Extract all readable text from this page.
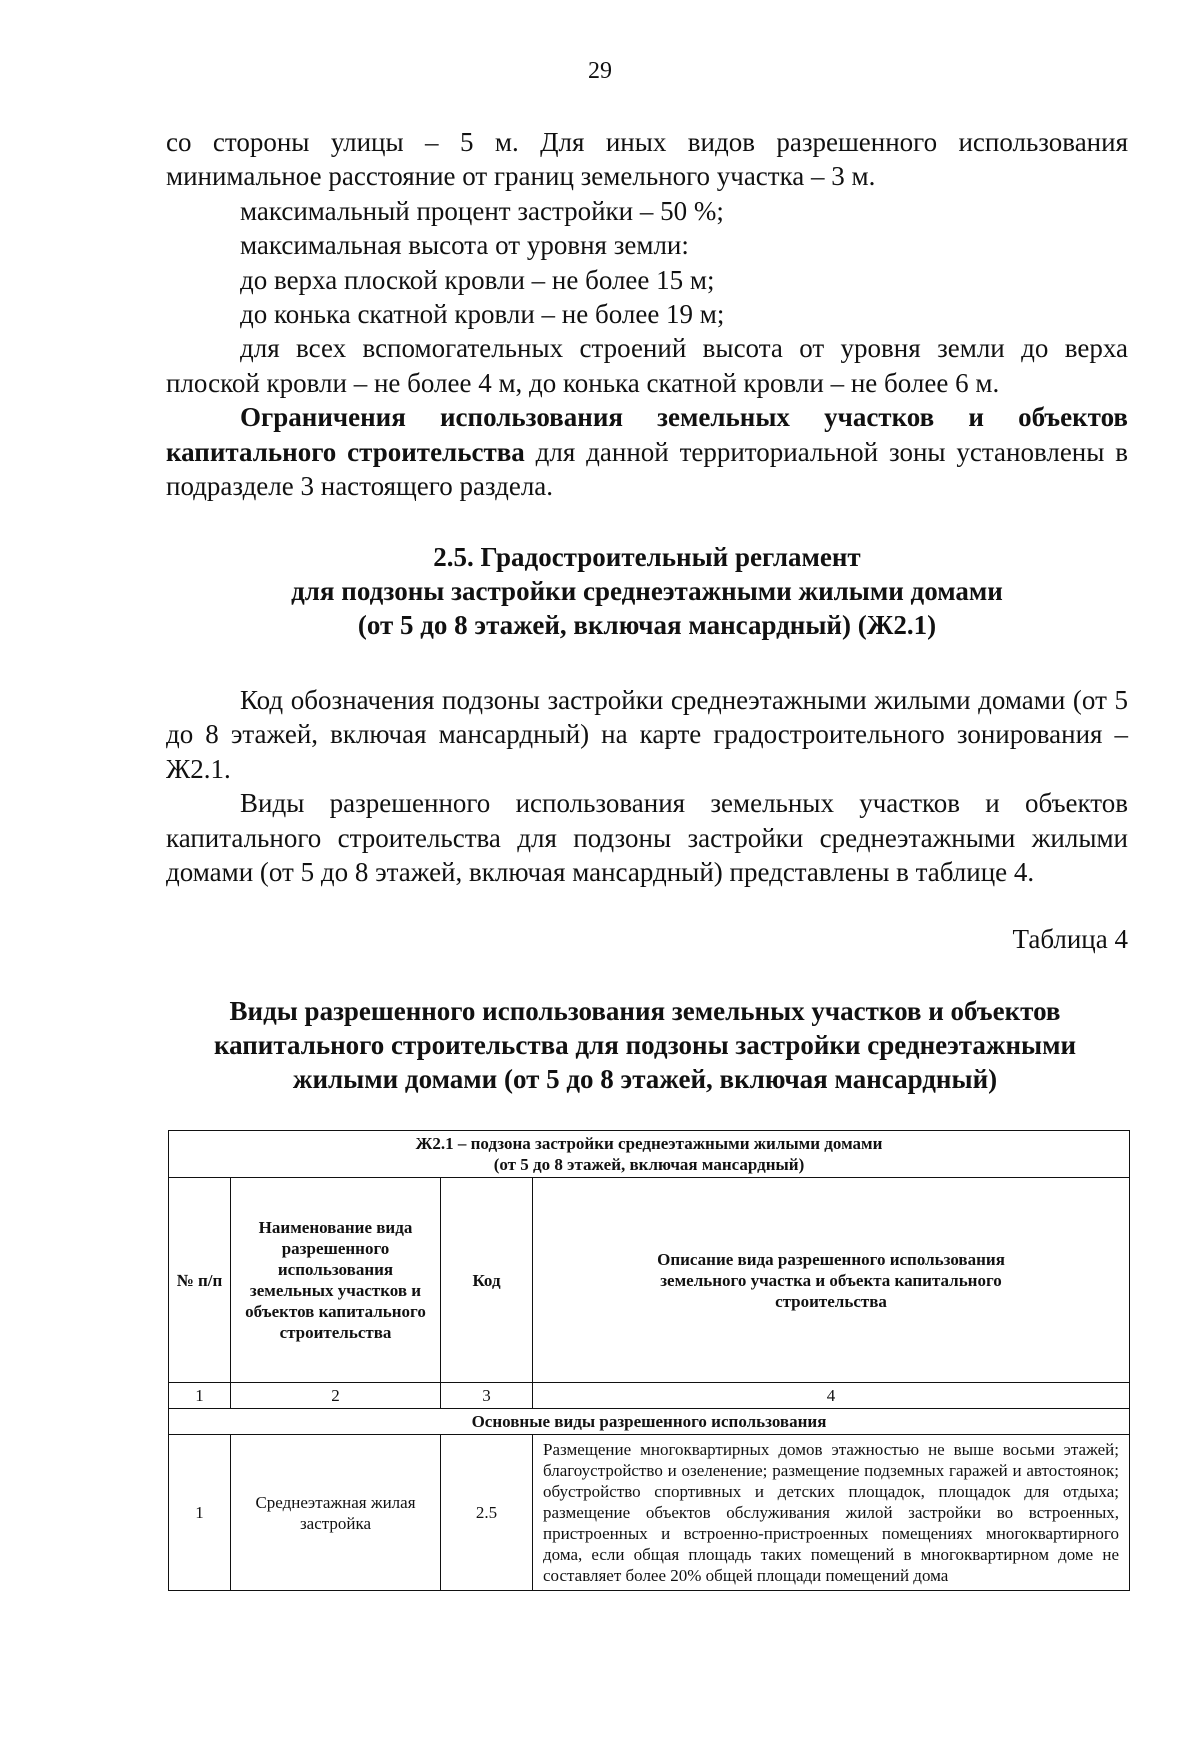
29

со стороны улицы – 5 м. Для иных видов разрешенного использования минимальное расстояние от границ земельного участка – 3 м.

максимальный процент застройки – 50 %;

максимальная высота от уровня земли:

до верха плоской кровли – не более 15 м;

до конька скатной кровли – не более 19 м;

для всех вспомогательных строений высота от уровня земли до верха плоской кровли – не более 4 м, до конька скатной кровли – не более 6 м.

Ограничения использования земельных участков и объектов капитального строительства для данной территориальной зоны установлены в подразделе 3 настоящего раздела.

2.5. Градостроительный регламент
для подзоны застройки среднеэтажными жилыми домами
(от 5 до 8 этажей, включая мансардный) (Ж2.1)

Код обозначения подзоны застройки среднеэтажными жилыми домами (от 5 до 8 этажей, включая мансардный) на карте градостроительного зонирования – Ж2.1.

Виды разрешенного использования земельных участков и объектов капитального строительства для подзоны застройки среднеэтажными жилыми домами (от 5 до 8 этажей, включая мансардный) представлены в таблице 4.

Таблица 4
Виды разрешенного использования земельных участков и объектов
капитального строительства для подзоны застройки среднеэтажными
жилыми домами (от 5 до 8 этажей, включая мансардный)
Ж2.1 – подзона застройки среднеэтажными жилыми домами
(от 5 до 8 этажей, включая мансардный)			

№ п/п	Наименование вида разрешенного использования земельных участков и объектов капитального строительства	Код	Описание вида разрешенного использования земельного участка и объекта капитального строительства
1	2	3	4
Основные виды разрешенного использования			
1	Среднеэтажная жилая застройка	2.5	Размещение многоквартирных домов этажностью не выше восьми этажей; благоустройство и озеленение; размещение подземных гаражей и автостоянок; обустройство спортивных и детских площадок, площадок для отдыха; размещение объектов обслуживания жилой застройки во встроенных, пристроенных и встроенно-пристроенных помещениях многоквартирного дома, если общая площадь таких помещений в многоквартирном доме не составляет более 20% общей площади помещений дома
